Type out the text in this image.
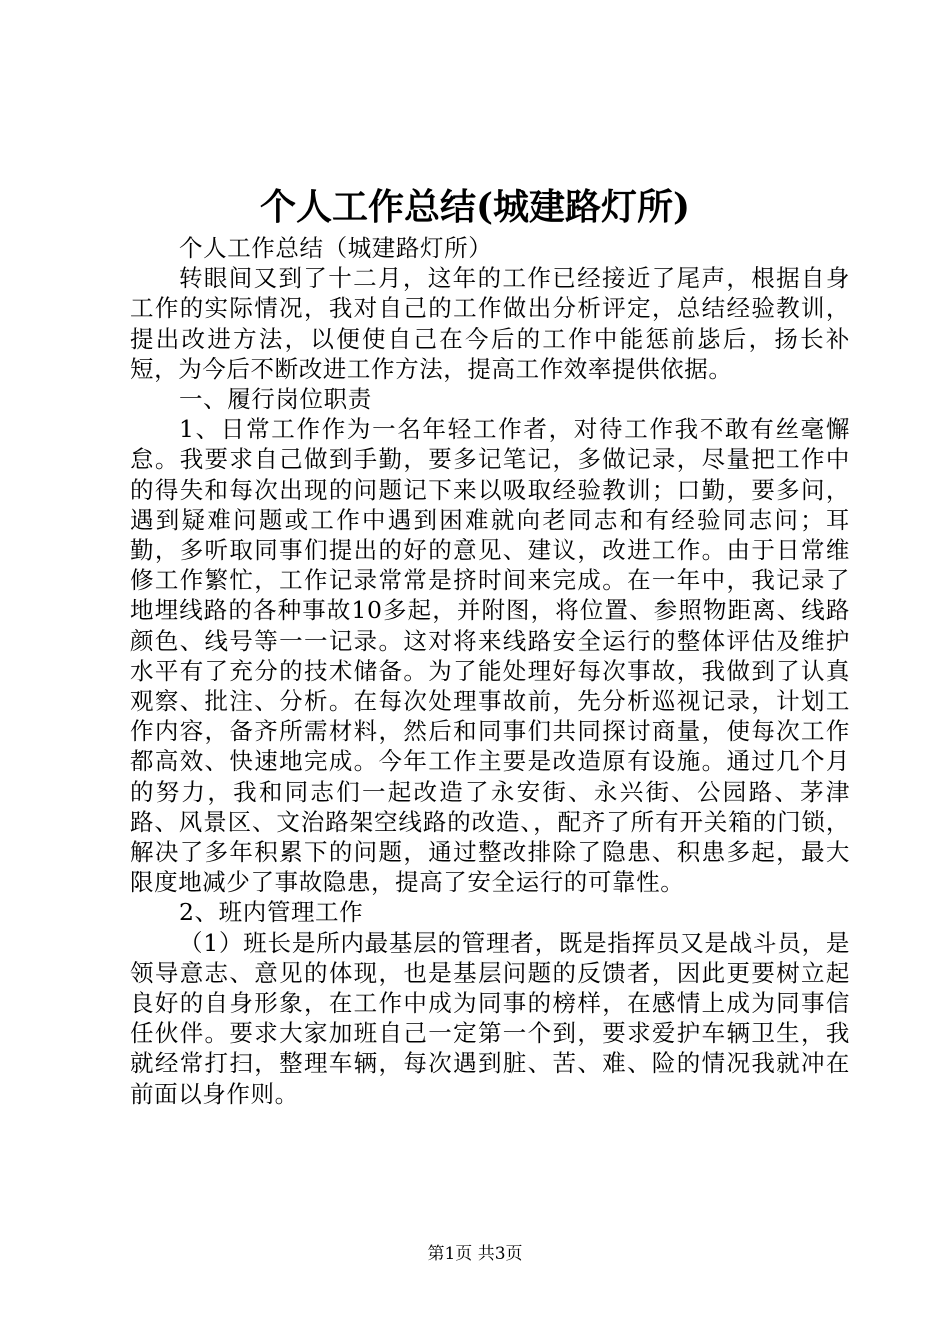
个人工作总结(城建路灯所)

个人工作总结（城建路灯所）

转眼间又到了十二月，这年的工作已经接近了尾声，根据自身工作的实际情况，我对自己的工作做出分析评定，总结经验教训，提出改进方法，以便使自己在今后的工作中能惩前毖后，扬长补短，为今后不断改进工作方法，提高工作效率提供依据。

一、履行岗位职责

1、日常工作作为一名年轻工作者，对待工作我不敢有丝毫懈怠。我要求自己做到手勤，要多记笔记，多做记录，尽量把工作中的得失和每次出现的问题记下来以吸取经验教训；口勤，要多问，遇到疑难问题或工作中遇到困难就向老同志和有经验同志问；耳勤，多听取同事们提出的好的意见、建议，改进工作。由于日常维修工作繁忙，工作记录常常是挤时间来完成。在一年中，我记录了地埋线路的各种事故10多起，并附图，将位置、参照物距离、线路颜色、线号等一一记录。这对将来线路安全运行的整体评估及维护水平有了充分的技术储备。为了能处理好每次事故，我做到了认真观察、批注、分析。在每次处理事故前，先分析巡视记录，计划工作内容，备齐所需材料，然后和同事们共同探讨商量，使每次工作都高效、快速地完成。今年工作主要是改造原有设施。通过几个月的努力，我和同志们一起改造了永安街、永兴街、公园路、茅津路、风景区、文治路架空线路的改造、，配齐了所有开关箱的门锁，解决了多年积累下的问题，通过整改排除了隐患、积患多起，最大限度地减少了事故隐患，提高了安全运行的可靠性。

2、班内管理工作

（1）班长是所内最基层的管理者，既是指挥员又是战斗员，是领导意志、意见的体现，也是基层问题的反馈者，因此更要树立起良好的自身形象，在工作中成为同事的榜样，在感情上成为同事信任伙伴。要求大家加班自己一定第一个到，要求爱护车辆卫生，我就经常打扫，整理车辆，每次遇到脏、苦、难、险的情况我就冲在前面以身作则。

第1页 共3页
